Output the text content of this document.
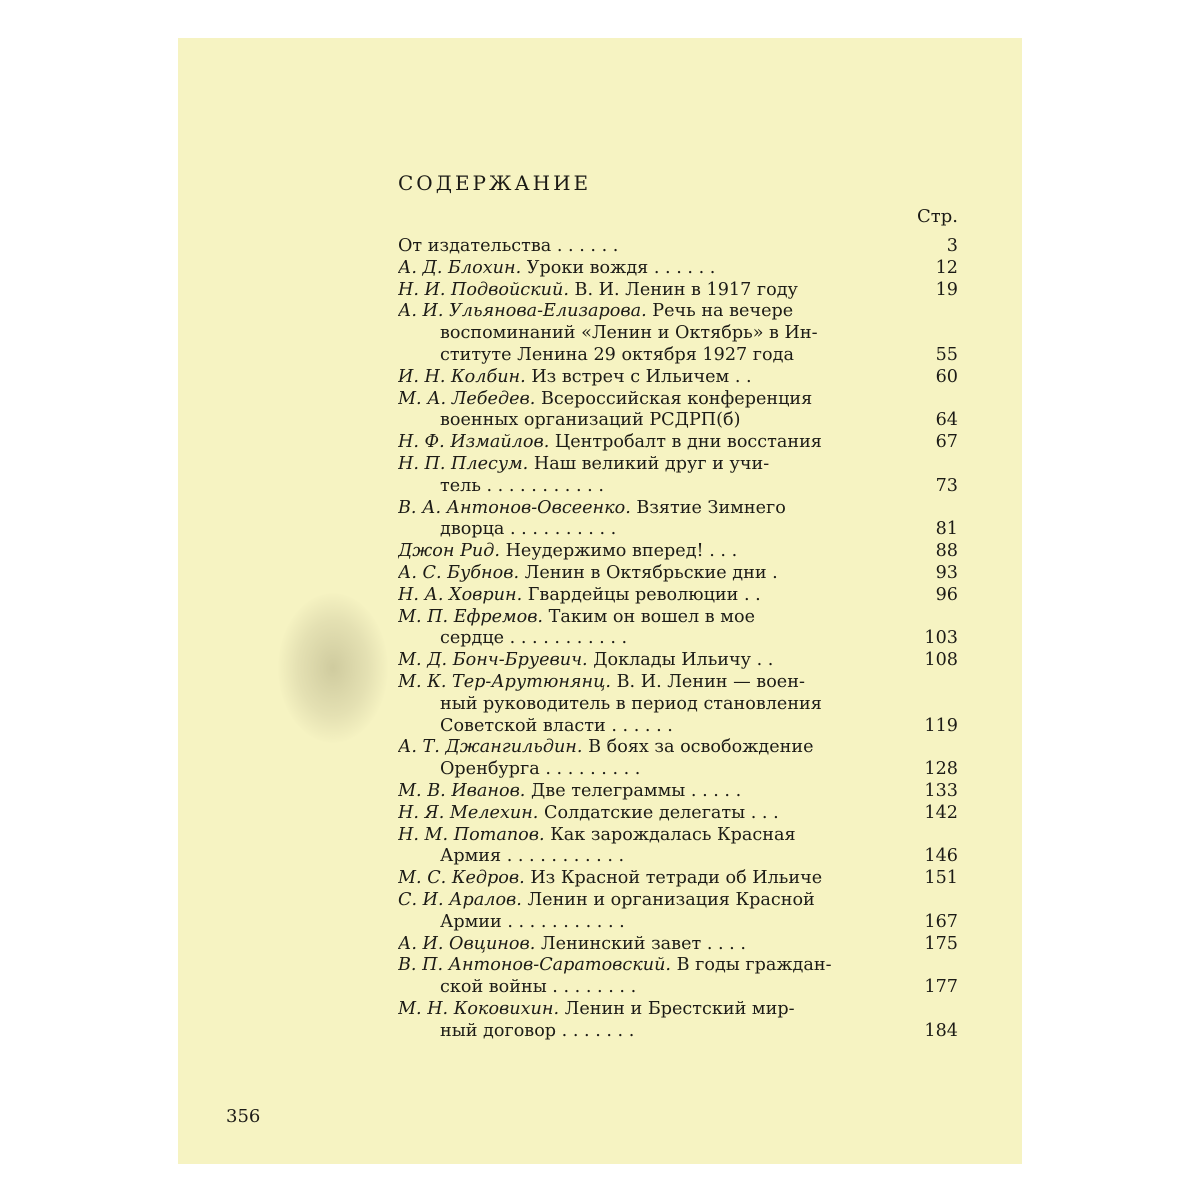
СОДЕРЖАНИЕ
Стр.
От издательства . . . . . .	3
А. Д. Блохин. Уроки вождя . . . . . .	12
Н. И. Подвойский. В. И. Ленин в 1917 году	19
А. И. Ульянова-Елизарова. Речь на вечере
воспоминаний «Ленин и Октябрь» в Ин-
ституте Ленина 29 октября 1927 года	55
И. Н. Колбин. Из встреч с Ильичем . .	60
М. А. Лебедев. Всероссийская конференция
военных организаций РСДРП(б)	64
Н. Ф. Измайлов. Центробалт в дни восстания	67
Н. П. Плесум. Наш великий друг и учи-
тель . . . . . . . . . . .	73
В. А. Антонов-Овсеенко. Взятие Зимнего
дворца . . . . . . . . . .	81
Джон Рид. Неудержимо вперед! . . .	88
А. С. Бубнов. Ленин в Октябрьские дни .	93
Н. А. Ховрин. Гвардейцы революции . .	96
М. П. Ефремов. Таким он вошел в мое
сердце . . . . . . . . . . .	103
М. Д. Бонч-Бруевич. Доклады Ильичу . .	108
М. К. Тер-Арутюнянц. В. И. Ленин — воен-
ный руководитель в период становления
Советской власти . . . . . .	119
А. Т. Джангильдин. В боях за освобождение
Оренбурга . . . . . . . . .	128
М. В. Иванов. Две телеграммы . . . . .	133
Н. Я. Мелехин. Солдатские делегаты . . .	142
Н. М. Потапов. Как зарождалась Красная
Армия . . . . . . . . . . .	146
М. С. Кедров. Из Красной тетради об Ильиче	151
С. И. Аралов. Ленин и организация Красной
Армии . . . . . . . . . . .	167
А. И. Овцинов. Ленинский завет . . . .	175
В. П. Антонов-Саратовский. В годы граждан-
ской войны . . . . . . . .	177
М. Н. Коковихин. Ленин и Брестский мир-
ный договор . . . . . . .	184
356
